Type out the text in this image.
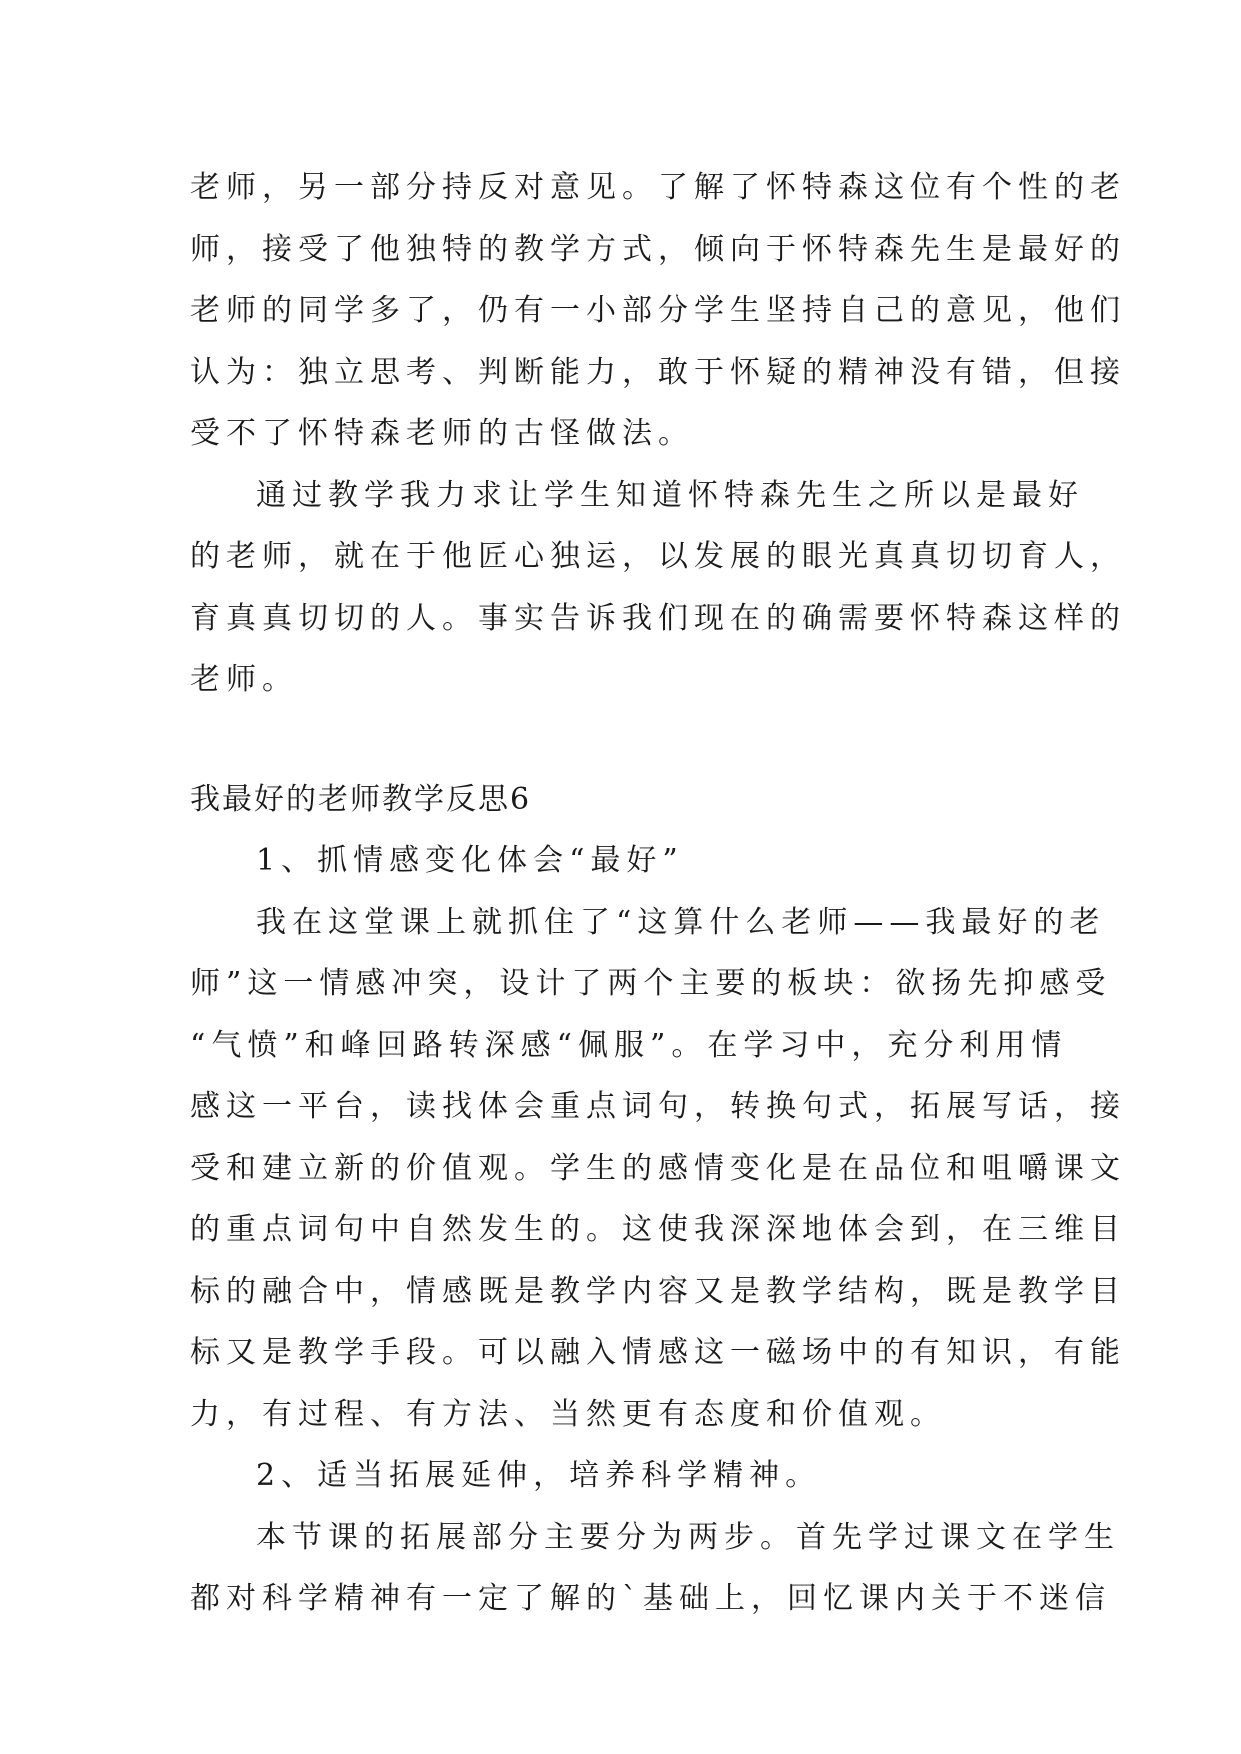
老师，另一部分持反对意见。了解了怀特森这位有个性的老
师，接受了他独特的教学方式，倾向于怀特森先生是最好的
老师的同学多了，仍有一小部分学生坚持自己的意见，他们
认为：独立思考、判断能力，敢于怀疑的精神没有错，但接
受不了怀特森老师的古怪做法。

通过教学我力求让学生知道怀特森先生之所以是最好
的老师，就在于他匠心独运，以发展的眼光真真切切育人，
育真真切切的人。事实告诉我们现在的确需要怀特森这样的
老师。

我最好的老师教学反思6

1、抓情感变化体会“最好”

我在这堂课上就抓住了“这算什么老师——我最好的老
师”这一情感冲突，设计了两个主要的板块：欲扬先抑感受
“气愤”和峰回路转深感“佩服”。在学习中，充分利用情
感这一平台，读找体会重点词句，转换句式，拓展写话，接
受和建立新的价值观。学生的感情变化是在品位和咀嚼课文
的重点词句中自然发生的。这使我深深地体会到，在三维目
标的融合中，情感既是教学内容又是教学结构，既是教学目
标又是教学手段。可以融入情感这一磁场中的有知识，有能
力，有过程、有方法、当然更有态度和价值观。

2、适当拓展延伸，培养科学精神。

本节课的拓展部分主要分为两步。首先学过课文在学生
都对科学精神有一定了解的`基础上，回忆课内关于不迷信
